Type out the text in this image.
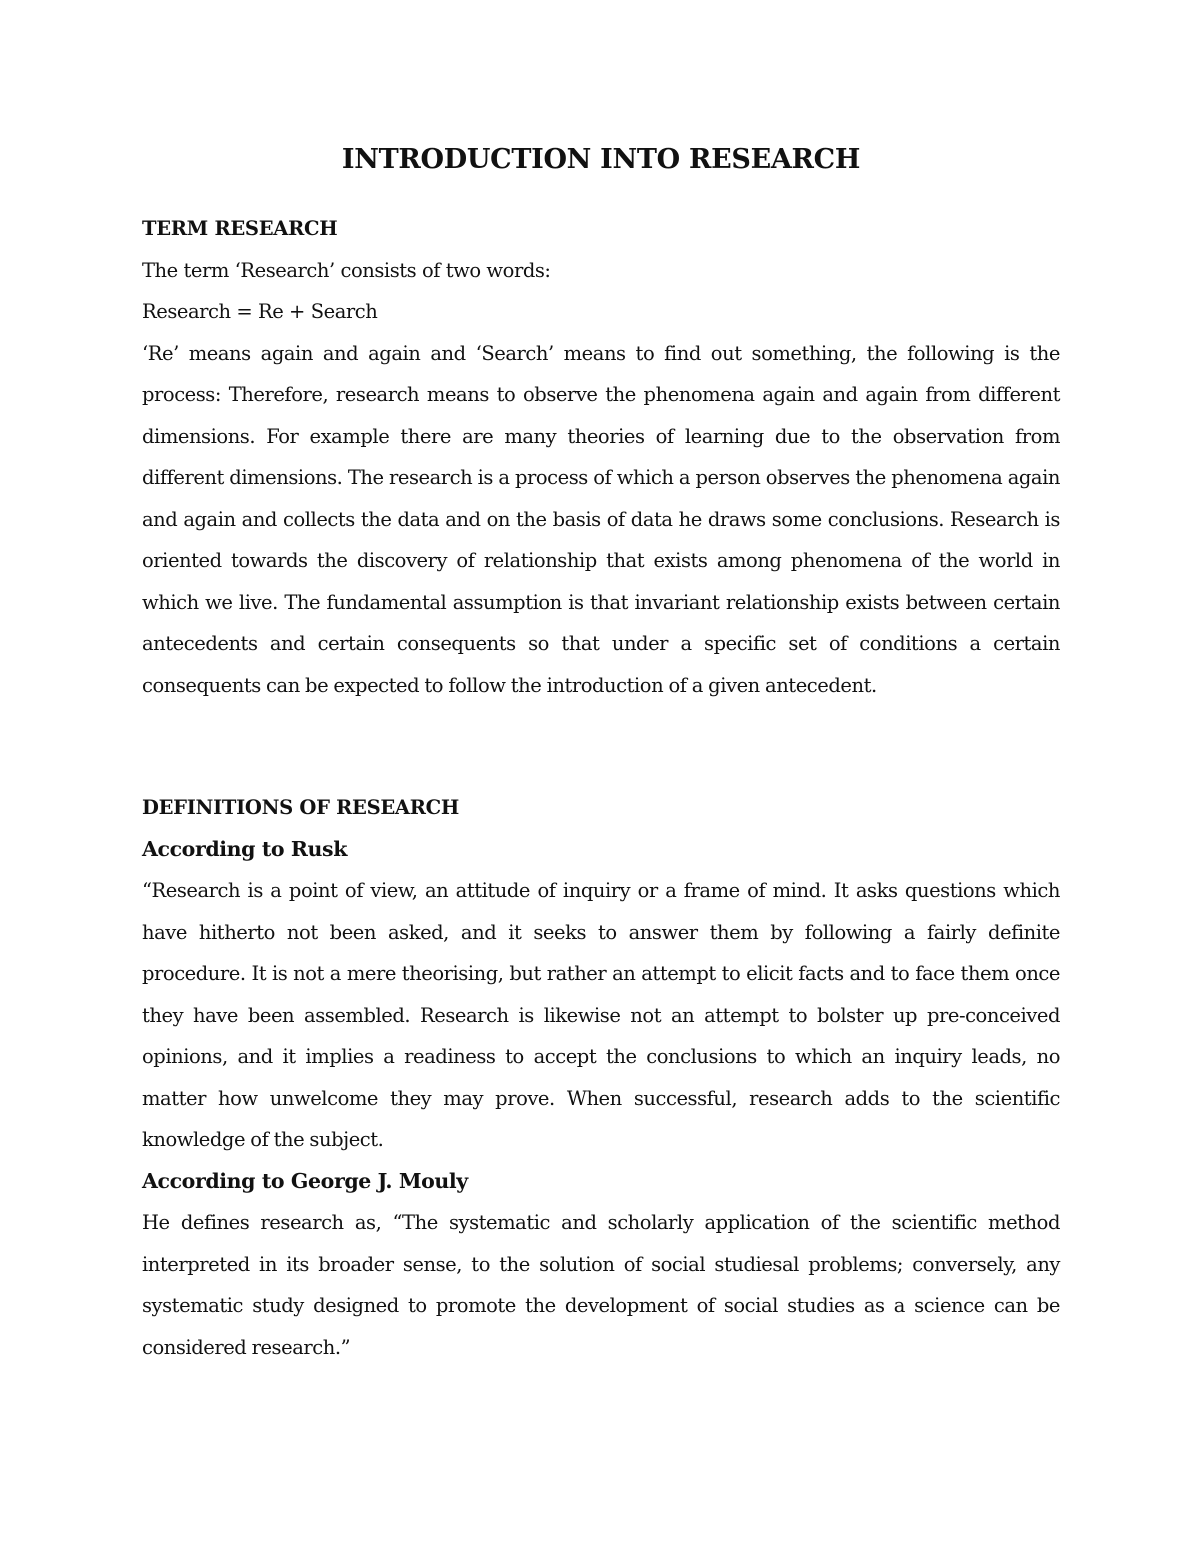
INTRODUCTION INTO RESEARCH

TERM RESEARCH

The term ‘Research’ consists of two words:

Research = Re + Search

‘Re’ means again and again and ‘Search’ means to find out something, the following is the process: Therefore, research means to observe the phenomena again and again from different dimensions. For example there are many theories of learning due to the observation from different dimensions. The research is a process of which a person observes the phenomena again and again and collects the data and on the basis of data he draws some conclusions. Research is oriented towards the discovery of relationship that exists among phenomena of the world in which we live. The fundamental assumption is that invariant relationship exists between certain antecedents and certain consequents so that under a specific set of conditions a certain consequents can be expected to follow the introduction of a given antecedent.

DEFINITIONS OF RESEARCH

According to Rusk

“Research is a point of view, an attitude of inquiry or a frame of mind. It asks questions which have hitherto not been asked, and it seeks to answer them by following a fairly definite procedure. It is not a mere theorising, but rather an attempt to elicit facts and to face them once they have been assembled. Research is likewise not an attempt to bolster up pre-conceived opinions, and it implies a readiness to accept the conclusions to which an inquiry leads, no matter how unwelcome they may prove. When successful, research adds to the scientific knowledge of the subject.

According to George J. Mouly

He defines research as, “The systematic and scholarly application of the scientific method interpreted in its broader sense, to the solution of social studiesal problems; conversely, any systematic study designed to promote the development of social studies as a science can be considered research.”
